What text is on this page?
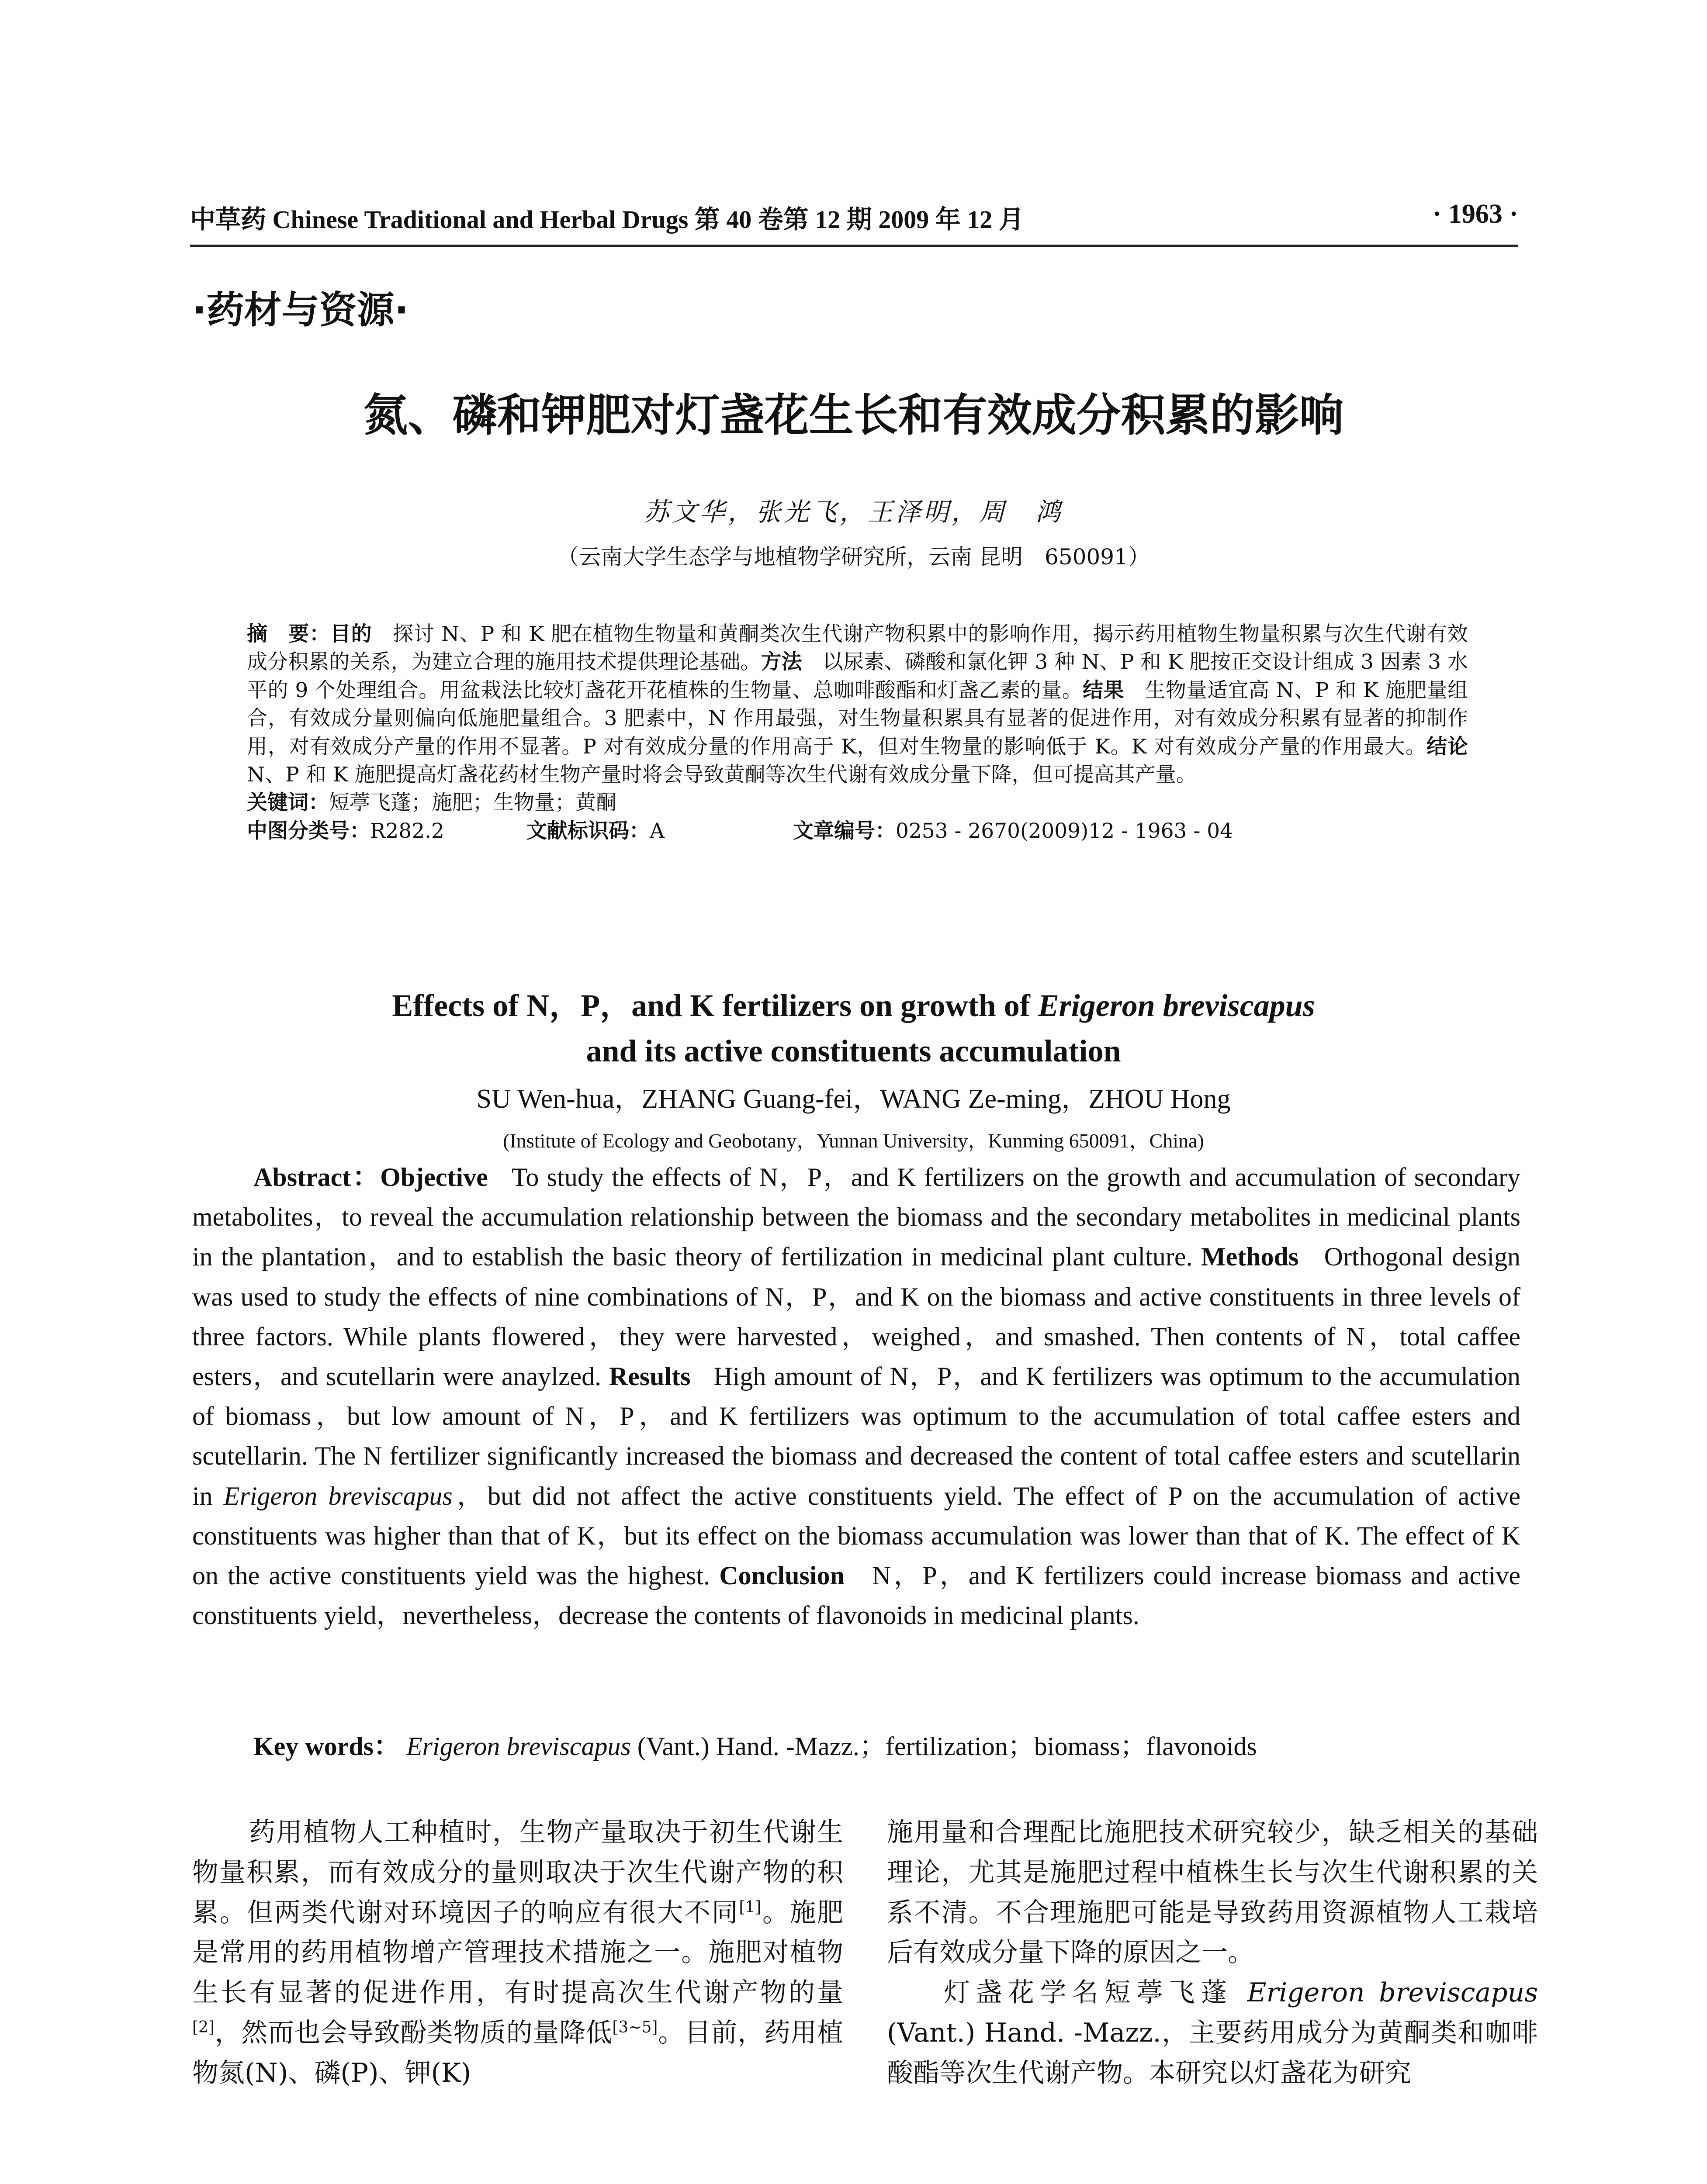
中草药 Chinese Traditional and Herbal Drugs 第 40 卷第 12 期 2009 年 12 月	· 1963 ·
·药材与资源·
氮、磷和钾肥对灯盏花生长和有效成分积累的影响
苏文华，张光飞，王泽明，周　鸿
（云南大学生态学与地植物学研究所，云南 昆明　650091）
摘　要：目的　 探讨 N、P 和 K 肥在植物生物量和黄酮类次生代谢产物积累中的影响作用，揭示药用植物生物量积累与次生代谢有效成分积累的关系，为建立合理的施用技术提供理论基础。方法　 以尿素、磷酸和氯化钾 3 种 N、P 和 K 肥按正交设计组成 3 因素 3 水平的 9 个处理组合。用盆栽法比较灯盏花开花植株的生物量、总咖啡酸酯和灯盏乙素的量。结果　 生物量适宜高 N、P 和 K 施肥量组合，有效成分量则偏向低施肥量组合。3 肥素中，N 作用最强，对生物量积累具有显著的促进作用，对有效成分积累有显著的抑制作用，对有效成分产量的作用不显著。P 对有效成分量的作用高于 K，但对生物量的影响低于 K。K 对有效成分产量的作用最大。结论　N、P 和 K 施肥提高灯盏花药材生物产量时将会导致黄酮等次生代谢有效成分量下降，但可提高其产量。
关键词：短葶飞蓬；施肥；生物量；黄酮
中图分类号：R282.2	文献标识码：A	文章编号：0253 - 2670(2009)12 - 1963 - 04
Effects of N，P，and K fertilizers on growth of Erigeron breviscapus
and its active constituents accumulation
SU Wen-hua，ZHANG Guang-fei，WANG Ze-ming，ZHOU Hong
(Institute of Ecology and Geobotany，Yunnan University，Kunming 650091，China)
Abstract：Objective To study the effects of N，P，and K fertilizers on the growth and accumulation of secondary metabolites，to reveal the accumulation relationship between the biomass and the secondary metabolites in medicinal plants in the plantation，and to establish the basic theory of fertilization in medicinal plant culture. Methods Orthogonal design was used to study the effects of nine combinations of N，P，and K on the biomass and active constituents in three levels of three factors. While plants flowered，they were harvested，weighed，and smashed. Then contents of N，total caffee esters，and scutellarin were anaylzed. Results High amount of N，P，and K fertilizers was optimum to the accumulation of biomass，but low amount of N，P，and K fertilizers was optimum to the accumulation of total caffee esters and scutellarin. The N fertilizer significantly increased the biomass and decreased the content of total caffee esters and scutellarin in Erigeron breviscapus，but did not affect the active constituents yield. The effect of P on the accumulation of active constituents was higher than that of K，but its effect on the biomass accumulation was lower than that of K. The effect of K on the active constituents yield was the highest. Conclusion N，P，and K fertilizers could increase biomass and active constituents yield，nevertheless，decrease the contents of flavonoids in medicinal plants.
Key words： Erigeron breviscapus (Vant.) Hand. -Mazz.；fertilization；biomass；flavonoids

药用植物人工种植时，生物产量取决于初生代谢生物量积累，而有效成分的量则取决于次生代谢产物的积累。但两类代谢对环境因子的响应有很大不同[1]。施肥是常用的药用植物增产管理技术措施之一。施肥对植物生长有显著的促进作用，有时提高次生代谢产物的量[2]，然而也会导致酚类物质的量降低[3~5]。目前，药用植物氮(N)、磷(P)、钾(K)

施用量和合理配比施肥技术研究较少，缺乏相关的基础理论，尤其是施肥过程中植株生长与次生代谢积累的关系不清。不合理施肥可能是导致药用资源植物人工栽培后有效成分量下降的原因之一。

灯盏花学名短葶飞蓬 Erigeron breviscapus (Vant.) Hand. -Mazz.，主要药用成分为黄酮类和咖啡酸酯等次生代谢产物。本研究以灯盏花为研究
